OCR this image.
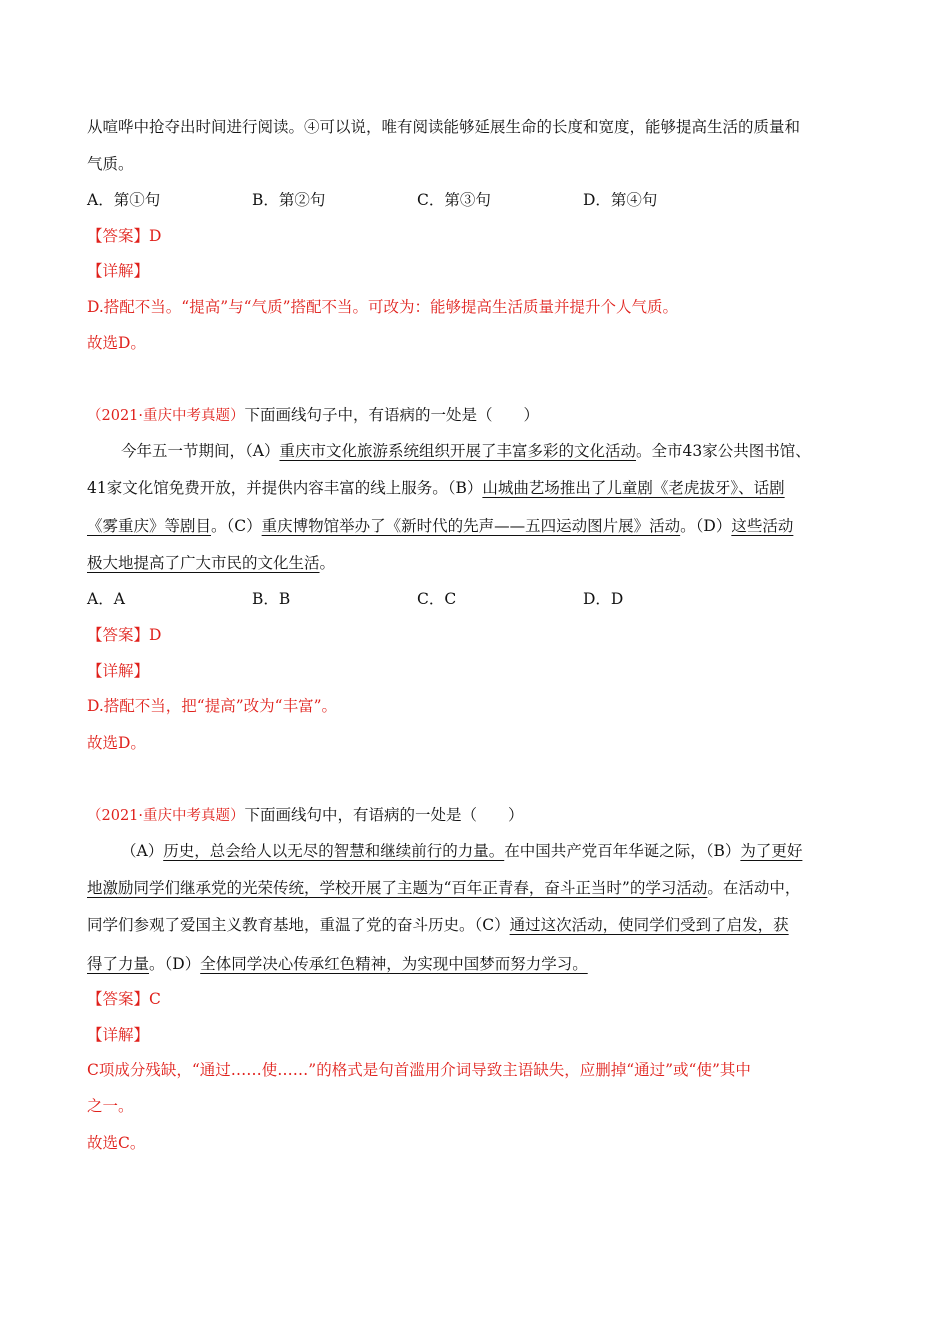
从喧哗中抢夺出时间进行阅读。④可以说，唯有阅读能够延展生命的长度和宽度，能够提高生活的质量和
气质。
A．第①句	B．第②句	C．第③句	D．第④句
【答案】D
【详解】
D.搭配不当。“提高”与“气质”搭配不当。可改为：能够提高生活质量并提升个人气质。
故选D。
（2021·重庆中考真题）下面画线句子中，有语病的一处是（　　）
今年五一节期间，（A）重庆市文化旅游系统组织开展了丰富多彩的文化活动。全市43家公共图书馆、
41家文化馆免费开放，并提供内容丰富的线上服务。（B）山城曲艺场推出了儿童剧《老虎拔牙》、话剧
《雾重庆》等剧目。（C）重庆博物馆举办了《新时代的先声——五四运动图片展》活动。（D）这些活动
极大地提高了广大市民的文化生活。
A．A	B．B	C．C	D．D
【答案】D
【详解】
D.搭配不当，把“提高”改为“丰富”。
故选D。
（2021·重庆中考真题）下面画线句中，有语病的一处是（　　）
（A）历史，总会给人以无尽的智慧和继续前行的力量。在中国共产党百年华诞之际，（B）为了更好
地激励同学们继承党的光荣传统，学校开展了主题为“百年正青春，奋斗正当时”的学习活动。在活动中，
同学们参观了爱国主义教育基地，重温了党的奋斗历史。（C）通过这次活动，使同学们受到了启发，获
得了力量。（D）全体同学决心传承红色精神，为实现中国梦而努力学习。
【答案】C
【详解】
C项成分残缺，“通过……使……”的格式是句首滥用介词导致主语缺失，应删掉“通过”或“使”其中
之一。
故选C。
